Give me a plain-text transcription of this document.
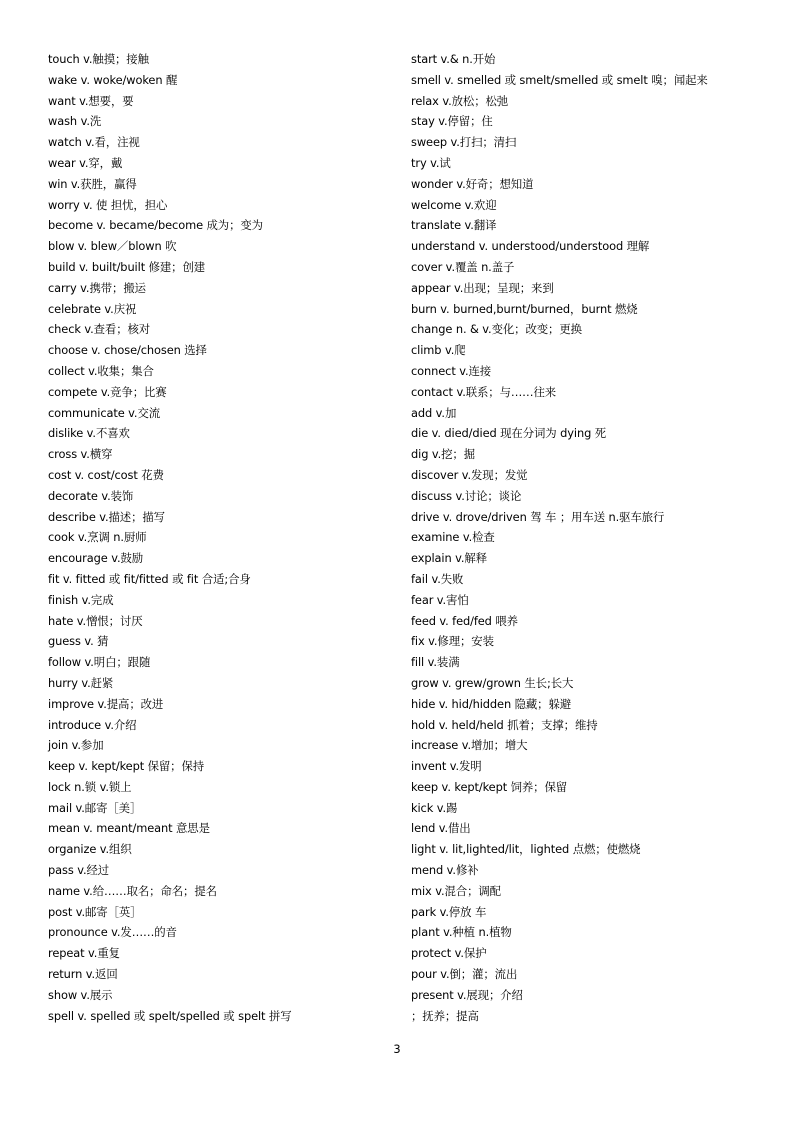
touch v.触摸；接触
wake v. woke/woken 醒
want v.想要，要
wash v.洗
watch v.看，注视
wear v.穿，戴
win v.获胜，赢得
worry v. 使 担忧，担心
become v. became/become 成为；变为
blow v. blew／blown 吹
build v. built/built 修建；创建
carry v.携带；搬运
celebrate v.庆祝
check v.查看；核对
choose v. chose/chosen 选择
collect v.收集；集合
compete v.竞争；比赛
communicate v.交流
dislike v.不喜欢
cross v.横穿
cost v. cost/cost 花费
decorate v.装饰
describe v.描述；描写
cook v.烹调 n.厨师
encourage v.鼓励
fit v. fitted 或 fit/fitted 或 fit 合适;合身
finish v.完成
hate v.憎恨；讨厌
guess v. 猜
follow v.明白；跟随
hurry v.赶紧
improve v.提高；改进
introduce v.介绍
join v.参加
keep v. kept/kept 保留；保持
lock n.锁 v.锁上
mail v.邮寄［美］
mean v. meant/meant 意思是
organize v.组织
pass v.经过
name v.给……取名；命名；提名
post v.邮寄［英］
pronounce v.发……的音
repeat v.重复
return v.返回
show v.展示
spell v. spelled 或 spelt/spelled 或 spelt 拼写
start v.& n.开始
smell v. smelled 或 smelt/smelled 或 smelt 嗅；闻起来
relax v.放松；松弛
stay v.停留；住
sweep v.打扫；清扫
try v.试
wonder v.好奇；想知道
welcome v.欢迎
translate v.翻译
understand v. understood/understood 理解
cover v.覆盖 n.盖子
appear v.出现；呈现；来到
burn v. burned,burnt/burned，burnt 燃烧
change n. & v.变化；改变；更换
climb v.爬
connect v.连接
contact v.联系；与……往来
add v.加
die v. died/died 现在分词为 dying 死
dig v.挖；掘
discover v.发现；发觉
discuss v.讨论；谈论
drive v. drove/driven 驾 车 ；用车送 n.驱车旅行
examine v.检查
explain v.解释
fail v.失败
fear v.害怕
feed v. fed/fed 喂养
fix v.修理；安装
fill v.装满
grow v. grew/grown 生长;长大
hide v. hid/hidden 隐藏；躲避
hold v. held/held 抓着；支撑；维持
increase v.增加；增大
invent v.发明
keep v. kept/kept 饲养；保留
kick v.踢
lend v.借出
light v. lit,lighted/lit，lighted 点燃；使燃烧
mend v.修补
mix v.混合；调配
park v.停放 车
plant v.种植 n.植物
protect v.保护
pour v.倒；灌；流出
present v.展现；介绍
；抚养；提高
3
